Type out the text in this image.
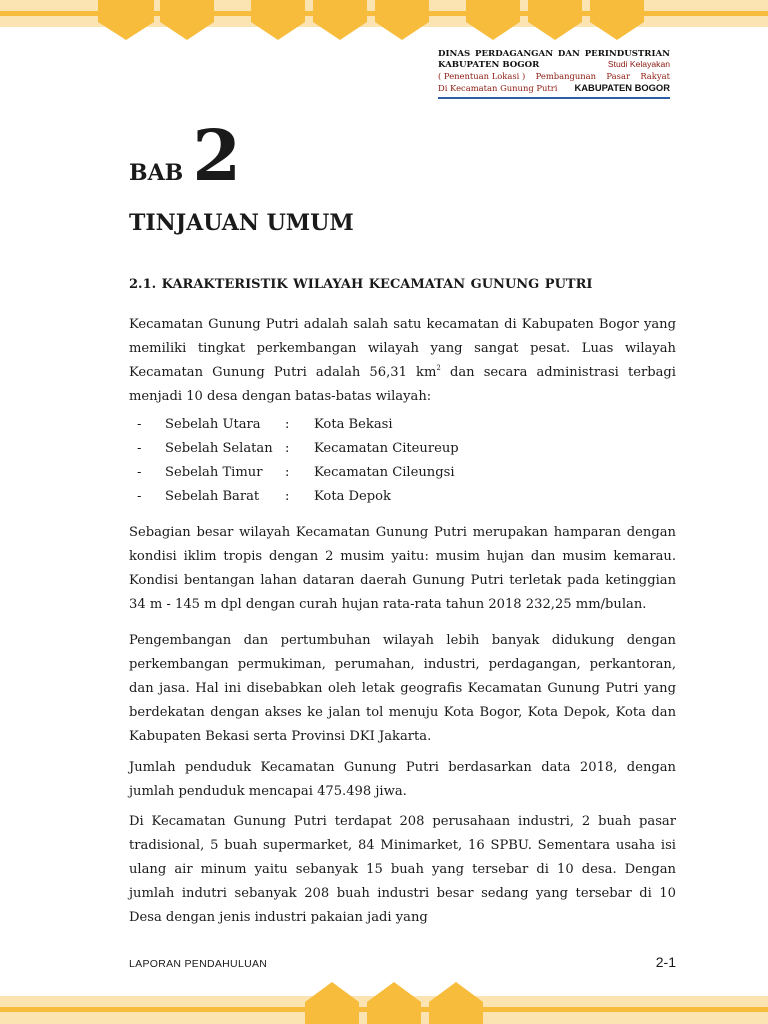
DINAS PERDAGANGAN DAN PERINDUSTRIAN
KABUPATEN BOGOR	Studi Kelayakan
( Penentuan Lokasi ) Pembangunan Pasar Rakyat
Di Kecamatan Gunung Putri KABUPATEN BOGOR
BAB 2
TINJAUAN UMUM
2.1. KARAKTERISTIK WILAYAH KECAMATAN GUNUNG PUTRI

Kecamatan Gunung Putri adalah salah satu kecamatan di Kabupaten Bogor yang memiliki tingkat perkembangan wilayah yang sangat pesat. Luas wilayah Kecamatan Gunung Putri adalah 56,31 $km^2$ dan secara administrasi terbagi menjadi 10 desa dengan batas-batas wilayah:

- Sebelah Utara : Kota Bekasi
- Sebelah Selatan : Kecamatan Citeureup
- Sebelah Timur : Kecamatan Cileungsi
- Sebelah Barat : Kota Depok

Sebagian besar wilayah Kecamatan Gunung Putri merupakan hamparan dengan kondisi iklim tropis dengan 2 musim yaitu: musim hujan dan musim kemarau. Kondisi bentangan lahan dataran daerah Gunung Putri terletak pada ketinggian 34 m - 145 m dpl dengan curah hujan rata-rata tahun 2018 232,25 mm/bulan.

Pengembangan dan pertumbuhan wilayah lebih banyak didukung dengan perkembangan permukiman, perumahan, industri, perdagangan, perkantoran, dan jasa. Hal ini disebabkan oleh letak geografis Kecamatan Gunung Putri yang berdekatan dengan akses ke jalan tol menuju Kota Bogor, Kota Depok, Kota dan Kabupaten Bekasi serta Provinsi DKI Jakarta.

Jumlah penduduk Kecamatan Gunung Putri berdasarkan data 2018, dengan jumlah penduduk mencapai 475.498 jiwa.

Di Kecamatan Gunung Putri terdapat 208 perusahaan industri, 2 buah pasar tradisional, 5 buah supermarket, 84 Minimarket, 16 SPBU. Sementara usaha isi ulang air minum yaitu sebanyak 15 buah yang tersebar di 10 desa. Dengan jumlah indutri sebanyak 208 buah industri besar sedang yang tersebar di 10 Desa dengan jenis industri pakaian jadi yang

LAPORAN PENDAHULUAN	2-1
